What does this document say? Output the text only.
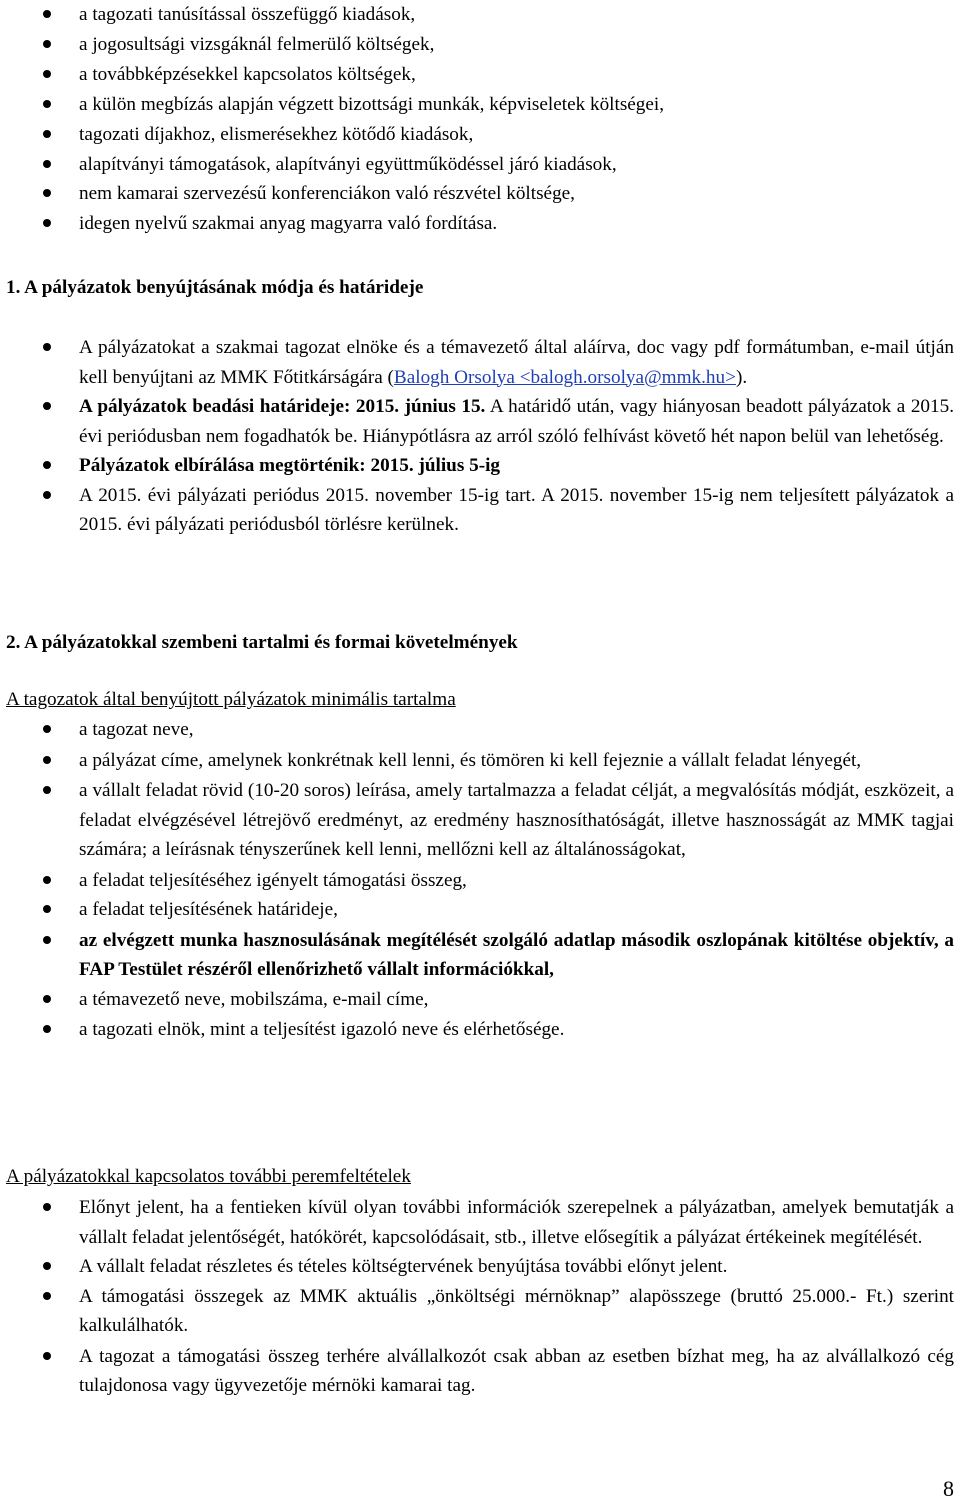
a tagozati tanúsítással összefüggő kiadások,
a jogosultsági vizsgáknál felmerülő költségek,
a továbbképzésekkel kapcsolatos költségek,
a külön megbízás alapján végzett bizottsági munkák, képviseletek költségei,
tagozati díjakhoz, elismerésekhez kötődő kiadások,
alapítványi támogatások, alapítványi együttműködéssel járó kiadások,
nem kamarai szervezésű konferenciákon való részvétel költsége,
idegen nyelvű szakmai anyag magyarra való fordítása.
1. A pályázatok benyújtásának módja és határideje
A pályázatokat a szakmai tagozat elnöke és a témavezető által aláírva, doc vagy pdf formátumban, e-mail útján kell benyújtani az MMK Főtitkárságára (Balogh Orsolya <balogh.orsolya@mmk.hu>).
A pályázatok beadási határideje: 2015. június 15. A határidő után, vagy hiányosan beadott pályázatok a 2015. évi periódusban nem fogadhatók be. Hiánypótlásra az arról szóló felhívást követő hét napon belül van lehetőség.
Pályázatok elbírálása megtörténik: 2015. július 5-ig
A 2015. évi pályázati periódus 2015. november 15-ig tart. A 2015. november 15-ig nem teljesített pályázatok a 2015. évi pályázati periódusból törlésre kerülnek.
2. A pályázatokkal szembeni tartalmi és formai követelmények

A tagozatok által benyújtott pályázatok minimális tartalma

a tagozat neve,
a pályázat címe, amelynek konkrétnak kell lenni, és tömören ki kell fejeznie a vállalt feladat lényegét,
a vállalt feladat rövid (10-20 soros) leírása, amely tartalmazza a feladat célját, a megvalósítás módját, eszközeit, a feladat elvégzésével létrejövő eredményt, az eredmény hasznosíthatóságát, illetve hasznosságát az MMK tagjai számára; a leírásnak tényszerűnek kell lenni, mellőzni kell az általánosságokat,
a feladat teljesítéséhez igényelt támogatási összeg,
a feladat teljesítésének határideje,
az elvégzett munka hasznosulásának megítélését szolgáló adatlap második oszlopának kitöltése objektív, a FAP Testület részéről ellenőrizhető vállalt információkkal,
a témavezető neve, mobilszáma, e-mail címe,
a tagozati elnök, mint a teljesítést igazoló neve és elérhetősége.

A pályázatokkal kapcsolatos további peremfeltételek

Előnyt jelent, ha a fentieken kívül olyan további információk szerepelnek a pályázatban, amelyek bemutatják a vállalt feladat jelentőségét, hatókörét, kapcsolódásait, stb., illetve elősegítik a pályázat értékeinek megítélését.
A vállalt feladat részletes és tételes költségtervének benyújtása további előnyt jelent.
A támogatási összegek az MMK aktuális „önköltségi mérnöknap” alapösszege (bruttó 25.000.- Ft.) szerint kalkulálhatók.
A tagozat a támogatási összeg terhére alvállalkozót csak abban az esetben bízhat meg, ha az alvállalkozó cég tulajdonosa vagy ügyvezetője mérnöki kamarai tag.
8
